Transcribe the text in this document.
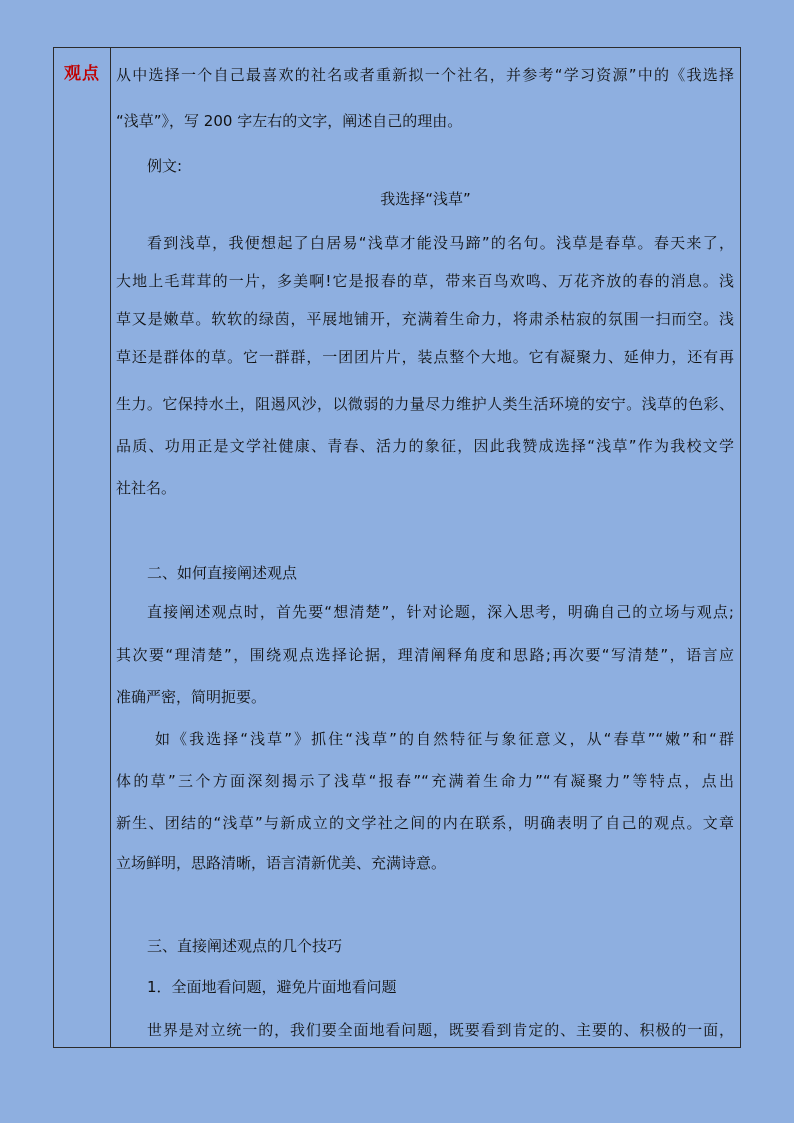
观点	从中选择一个自己最喜欢的社名或者重新拟一个社名，并参考“学习资源”中的《我选择
“浅草”》，写 200 字左右的文字，阐述自己的理由。
例文:
我选择“浅草”
看到浅草，我便想起了白居易“浅草才能没马蹄”的名句。浅草是春草。春天来了，
大地上毛茸茸的一片，多美啊!它是报春的草，带来百鸟欢鸣、万花齐放的春的消息。浅
草又是嫩草。软软的绿茵，平展地铺开，充满着生命力，将肃杀枯寂的氛围一扫而空。浅
草还是群体的草。它一群群，一团团片片，装点整个大地。它有凝聚力、延伸力，还有再
生力。它保持水土，阻遏风沙，以微弱的力量尽力维护人类生活环境的安宁。浅草的色彩、
品质、功用正是文学社健康、青春、活力的象征，因此我赞成选择“浅草”作为我校文学
社社名。
二、如何直接阐述观点
直接阐述观点时，首先要“想清楚”，针对论题，深入思考，明确自己的立场与观点;
其次要“理清楚”，围绕观点选择论据，理清阐释角度和思路;再次要“写清楚”，语言应
准确严密，简明扼要。
如《我选择“浅草”》抓住“浅草”的自然特征与象征意义，从“春草”“嫩”和“群
体的草”三个方面深刻揭示了浅草“报春”“充满着生命力”“有凝聚力”等特点，点出
新生、团结的“浅草”与新成立的文学社之间的内在联系，明确表明了自己的观点。文章
立场鲜明，思路清晰，语言清新优美、充满诗意。
三、直接阐述观点的几个技巧
1．全面地看问题，避免片面地看问题
世界是对立统一的，我们要全面地看问题，既要看到肯定的、主要的、积极的一面，
